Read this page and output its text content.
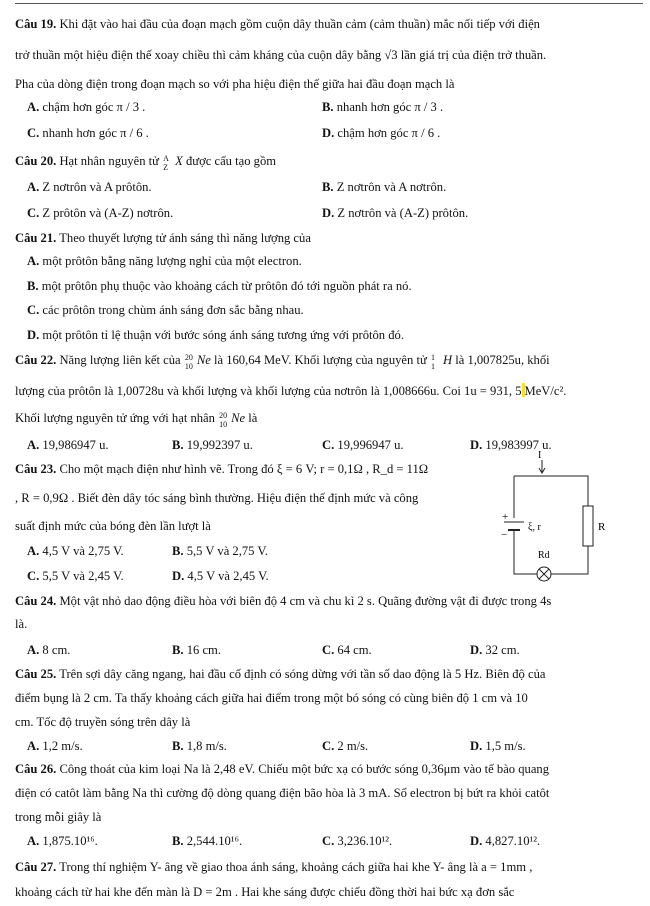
Câu 19. Khi đặt vào hai đầu của đoạn mạch gồm cuộn dây thuần cảm (cảm thuần) mắc nối tiếp với điện
trở thuần một hiệu điện thế xoay chiều thì cảm kháng của cuộn dây bằng √3 lần giá trị của điện trở thuần.
Pha của dòng điện trong đoạn mạch so với pha hiệu điện thế giữa hai đầu đoạn mạch là
A. chậm hơn góc π / 3 .	B. nhanh hơn góc π / 3 .
C. nhanh hơn góc π / 6 .	D. chậm hơn góc π / 6 .
Câu 20. Hạt nhân nguyên tử A
Z X được cấu tạo gồm
A. Z nơtrôn và A prôtôn.	B. Z nơtrôn và A nơtrôn.
C. Z prôtôn và (A-Z) nơtrôn.	D. Z nơtrôn và (A-Z) prôtôn.
Câu 21. Theo thuyết lượng tử ánh sáng thì năng lượng của
A. một prôtôn bằng năng lượng nghỉ của một electron.
B. một prôtôn phụ thuộc vào khoảng cách từ prôtôn đó tới nguồn phát ra nó.
C. các prôtôn trong chùm ánh sáng đơn sắc bằng nhau.
D. một prôtôn tỉ lệ thuận với bước sóng ánh sáng tương ứng với prôtôn đó.
Câu 22. Năng lượng liên kết của 20
10 Ne là 160,64 MeV. Khối lượng của nguyên tử 1
1 H là 1,007825u, khối
lượng của prôtôn là 1,00728u và khối lượng và khối lượng của nơtrôn là 1,008666u. Coi 1u = 931, 5 MeV/c².
Khối lượng nguyên tử ứng với hạt nhân 20
10 Ne là
A. 19,986947 u.	B. 19,992397 u.	C. 19,996947 u.	D. 19,983997 u.
Câu 23. Cho một mạch điện như hình vẽ. Trong đó ξ = 6 V; r = 0,1Ω , R_d = 11Ω
, R = 0,9Ω . Biết đèn dây tóc sáng bình thường. Hiệu điện thế định mức và công
suất định mức của bóng đèn lần lượt là
A. 4,5 V và 2,75 V.	B. 5,5 V và 2,75 V.
C. 5,5 V và 2,45 V.	D. 4,5 V và 2,45 V.
I
+
−
ξ, r	R
Rd
Câu 24. Một vật nhỏ dao động điều hòa với biên độ 4 cm và chu kì 2 s. Quãng đường vật đi được trong 4s
là.
A. 8 cm.	B. 16 cm.	C. 64 cm.	D. 32 cm.
Câu 25. Trên sợi dây căng ngang, hai đầu cố định có sóng dừng với tần số dao động là 5 Hz. Biên độ của
điểm bụng là 2 cm. Ta thấy khoảng cách giữa hai điểm trong một bó sóng có cùng biên độ 1 cm và 10
cm. Tốc độ truyền sóng trên dây là
A. 1,2 m/s.	B. 1,8 m/s.	C. 2 m/s.	D. 1,5 m/s.
Câu 26. Công thoát của kim loại Na là 2,48 eV. Chiếu một bức xạ có bước sóng 0,36μm vào tế bào quang
điện có catôt làm bằng Na thì cường độ dòng quang điện bão hòa là 3 mA. Số electron bị bứt ra khỏi catôt
trong mỗi giây là
A. 1,875.10¹⁶.	B. 2,544.10¹⁶.	C. 3,236.10¹².	D. 4,827.10¹².
Câu 27. Trong thí nghiệm Y- âng về giao thoa ánh sáng, khoảng cách giữa hai khe Y- âng là a = 1mm ,
khoảng cách từ hai khe đến màn là D = 2m . Hai khe sáng được chiếu đồng thời hai bức xạ đơn sắc
